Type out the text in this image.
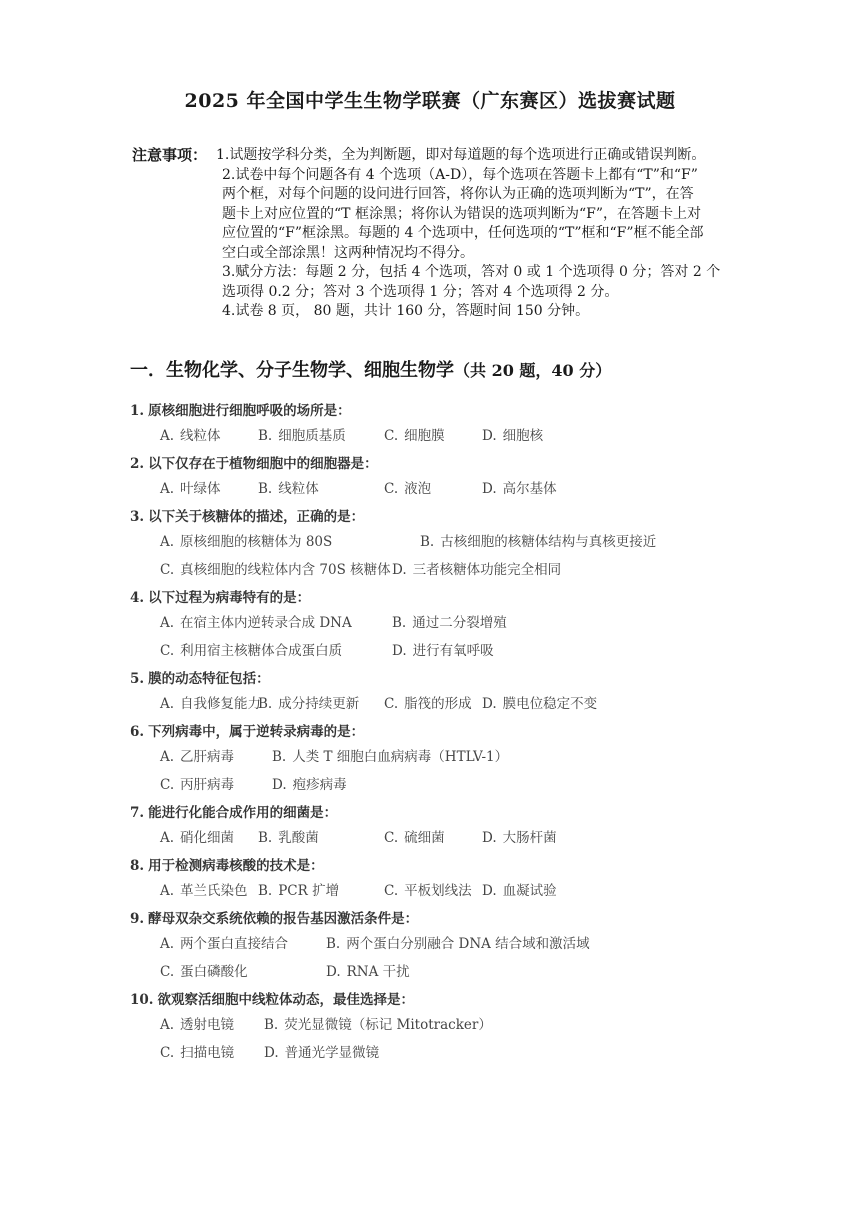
2025 年全国中学生生物学联赛（广东赛区）选拔赛试题
注意事项： 1.试题按学科分类，全为判断题，即对每道题的每个选项进行正确或错误判断。
2.试卷中每个问题各有 4 个选项（A-D），每个选项在答题卡上都有“T”和“F”
两个框，对每个问题的设问进行回答，将你认为正确的选项判断为“T”，在答
题卡上对应位置的“T 框涂黑；将你认为错误的选项判断为“F”，在答题卡上对
应位置的“F”框涂黑。每题的 4 个选项中，任何选项的“T”框和“F”框不能全部
空白或全部涂黑！这两种情况均不得分。
3.赋分方法：每题 2 分，包括 4 个选项，答对 0 或 1 个选项得 0 分；答对 2 个
选项得 0.2 分；答对 3 个选项得 1 分；答对 4 个选项得 2 分。
4.试卷 8 页， 80 题，共计 160 分，答题时间 150 分钟。
一．生物化学、分子生物学、细胞生物学（共 20 题，40 分）
1. 原核细胞进行细胞呼吸的场所是：
A. 线粒体	B. 细胞质基质	C. 细胞膜	D. 细胞核
2. 以下仅存在于植物细胞中的细胞器是：
A. 叶绿体	B. 线粒体	C. 液泡	D. 高尔基体
3. 以下关于核糖体的描述，正确的是：
A. 原核细胞的核糖体为 80S	B. 古核细胞的核糖体结构与真核更接近
C. 真核细胞的线粒体内含 70S 核糖体 D. 三者核糖体功能完全相同
4. 以下过程为病毒特有的是：
A. 在宿主体内逆转录合成 DNA	B. 通过二分裂增殖
C. 利用宿主核糖体合成蛋白质	D. 进行有氧呼吸
5. 膜的动态特征包括：
A. 自我修复能力
B. 成分持续更新 C. 脂筏的形成 D. 膜电位稳定不变
6. 下列病毒中，属于逆转录病毒的是：
A. 乙肝病毒	B. 人类 T 细胞白血病病毒（HTLV-1）
C. 丙肝病毒	D. 疱疹病毒
7. 能进行化能合成作用的细菌是：
A. 硝化细菌 B. 乳酸菌	C. 硫细菌	D. 大肠杆菌
8. 用于检测病毒核酸的技术是：
A. 革兰氏染色 B. PCR 扩增	C. 平板划线法 D. 血凝试验
9. 酵母双杂交系统依赖的报告基因激活条件是：
A. 两个蛋白直接结合	B. 两个蛋白分别融合 DNA 结合域和激活域
C. 蛋白磷酸化	D. RNA 干扰
10. 欲观察活细胞中线粒体动态，最佳选择是：
A. 透射电镜 B. 荧光显微镜（标记 Mitotracker）
C. 扫描电镜 D. 普通光学显微镜
